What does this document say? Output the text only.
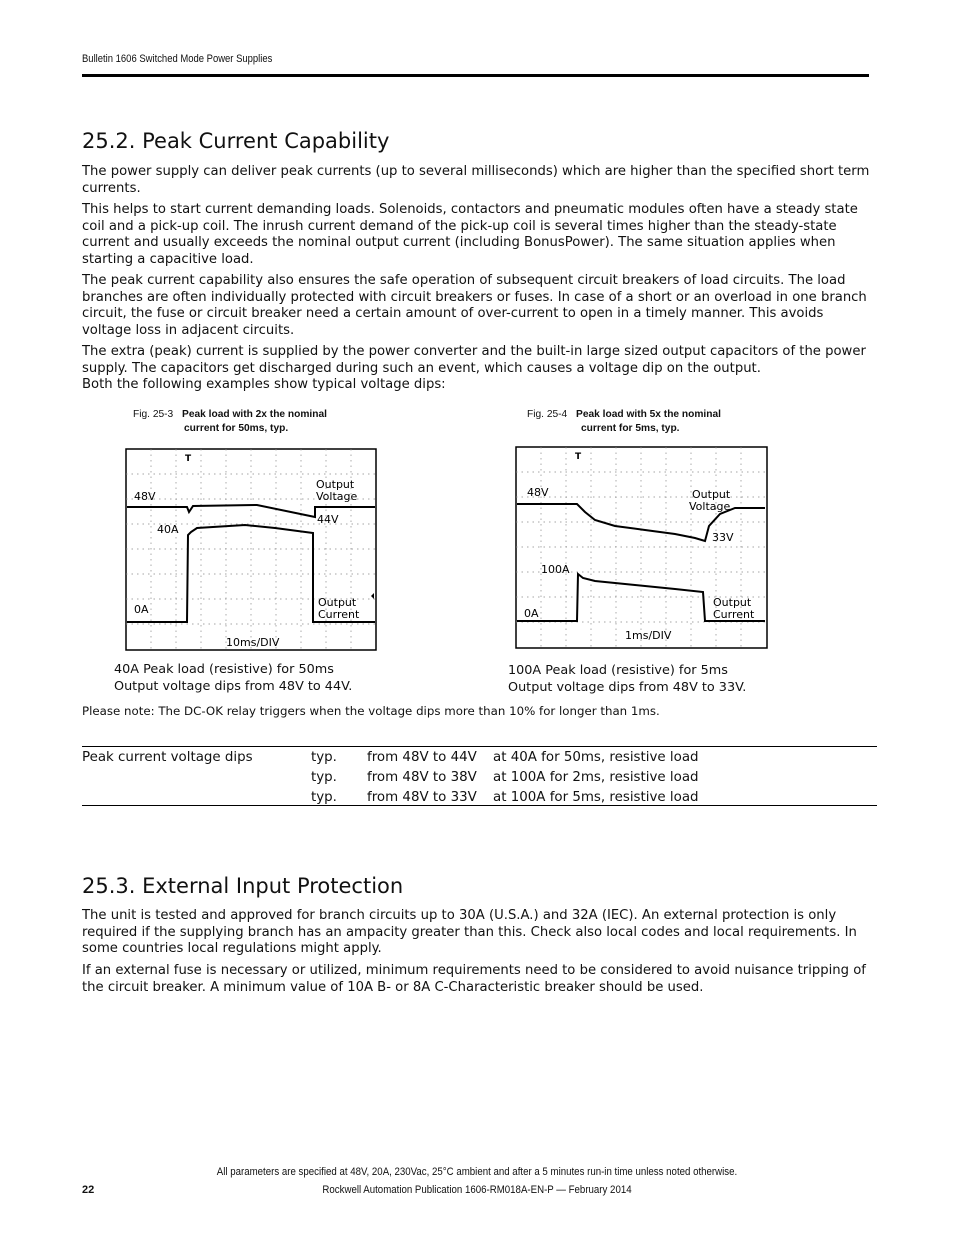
Bulletin 1606 Switched Mode Power Supplies
25.2. Peak Current Capability

The power supply can deliver peak currents (up to several milliseconds) which are higher than the specified short term currents.

This helps to start current demanding loads. Solenoids, contactors and pneumatic modules often have a steady state coil and a pick-up coil. The inrush current demand of the pick-up coil is several times higher than the steady-state current and usually exceeds the nominal output current (including BonusPower). The same situation applies when starting a capacitive load.

The peak current capability also ensures the safe operation of subsequent circuit breakers of load circuits. The load branches are often individually protected with circuit breakers or fuses. In case of a short or an overload in one branch circuit, the fuse or circuit breaker need a certain amount of over-current to open in a timely manner. This avoids voltage loss in adjacent circuits.

The extra (peak) current is supplied by the power converter and the built-in large sized output capacitors of the power supply. The capacitors get discharged during such an event, which causes a voltage dip on the output.

Both the following examples show typical voltage dips:

Fig. 25-3 Peak load with 2x the nominal
current for 50ms, typ.
Fig. 25-4 Peak load with 5x the nominal
current for 5ms, typ.
48V
40A
0A
44V
Output
Voltage
Output
Current
10ms/DIV
T
48V
100A
0A
33V
Output
Voltage
Output
Current
1ms/DIV
T
40A Peak load (resistive) for 50ms
Output voltage dips from 48V to 44V.
100A Peak load (resistive) for 5ms
Output voltage dips from 48V to 33V.
Please note: The DC-OK relay triggers when the voltage dips more than 10% for longer than 1ms.
Peak current voltage dips	typ.	from 48V to 44V	at 40A for 50ms, resistive load
	typ.	from 48V to 38V	at 100A for 2ms, resistive load
	typ.	from 48V to 33V	at 100A for 5ms, resistive load
25.3. External Input Protection

The unit is tested and approved for branch circuits up to 30A (U.S.A.) and 32A (IEC). An external protection is only required if the supplying branch has an ampacity greater than this. Check also local codes and local requirements. In some countries local regulations might apply.

If an external fuse is necessary or utilized, minimum requirements need to be considered to avoid nuisance tripping of the circuit breaker. A minimum value of 10A B- or 8A C-Characteristic breaker should be used.

All parameters are specified at 48V, 20A, 230Vac, 25°C ambient and after a 5 minutes run-in time unless noted otherwise.
22	Rockwell Automation Publication 1606-RM018A-EN-P — February 2014
